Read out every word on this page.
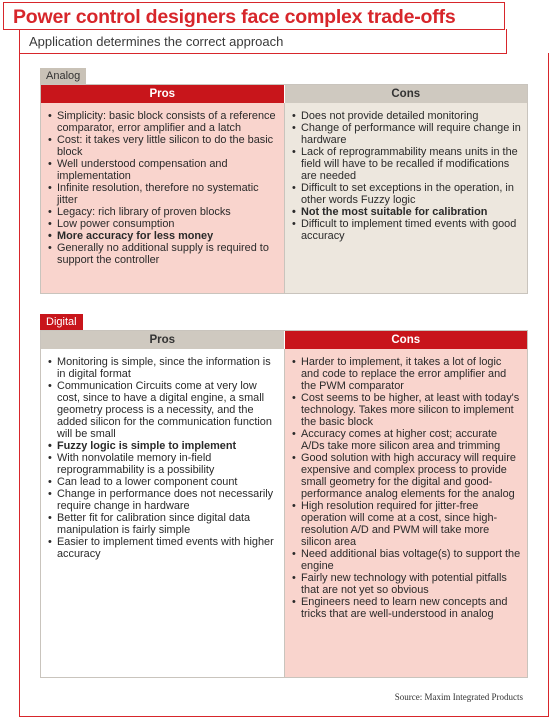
Power control designers face complex trade-offs
Application determines the correct approach
Analog
Pros	Cons
• Simplicity: basic block consists of a reference comparator, error amplifier and a latch
• Cost: it takes very little silicon to do the basic block
• Well understood compensation and implementation
• Infinite resolution, therefore no systematic jitter
• Legacy: rich library of proven blocks
• Low power consumption
• More accuracy for less money
• Generally no additional supply is required to support the controller
• Does not provide detailed monitoring
• Change of performance will require change in hardware
• Lack of reprogrammability means units in the field will have to be recalled if modifications are needed
• Difficult to set exceptions in the operation, in other words Fuzzy logic
• Not the most suitable for calibration
• Difficult to implement timed events with good accuracy
Digital
Pros	Cons
• Monitoring is simple, since the information is in digital format
• Communication Circuits come at very low cost, since to have a digital engine, a small geometry process is a necessity, and the added silicon for the communication function will be small
• Fuzzy logic is simple to implement
• With nonvolatile memory in-field reprogrammability is a possibility
• Can lead to a lower component count
• Change in performance does not necessarily require change in hardware
• Better fit for calibration since digital data manipulation is fairly simple
• Easier to implement timed events with higher accuracy
• Harder to implement, it takes a lot of logic and code to replace the error amplifier and the PWM comparator
• Cost seems to be higher, at least with today's technology. Takes more silicon to implement the basic block
• Accuracy comes at higher cost; accurate A/Ds take more silicon area and trimming
• Good solution with high accuracy will require expensive and complex process to provide small geometry for the digital and good-performance analog elements for the analog
• High resolution required for jitter-free operation will come at a cost, since high-resolution A/D and PWM will take more silicon area
• Need additional bias voltage(s) to support the engine
• Fairly new technology with potential pitfalls that are not yet so obvious
• Engineers need to learn new concepts and tricks that are well-understood in analog
Source: Maxim Integrated Products
